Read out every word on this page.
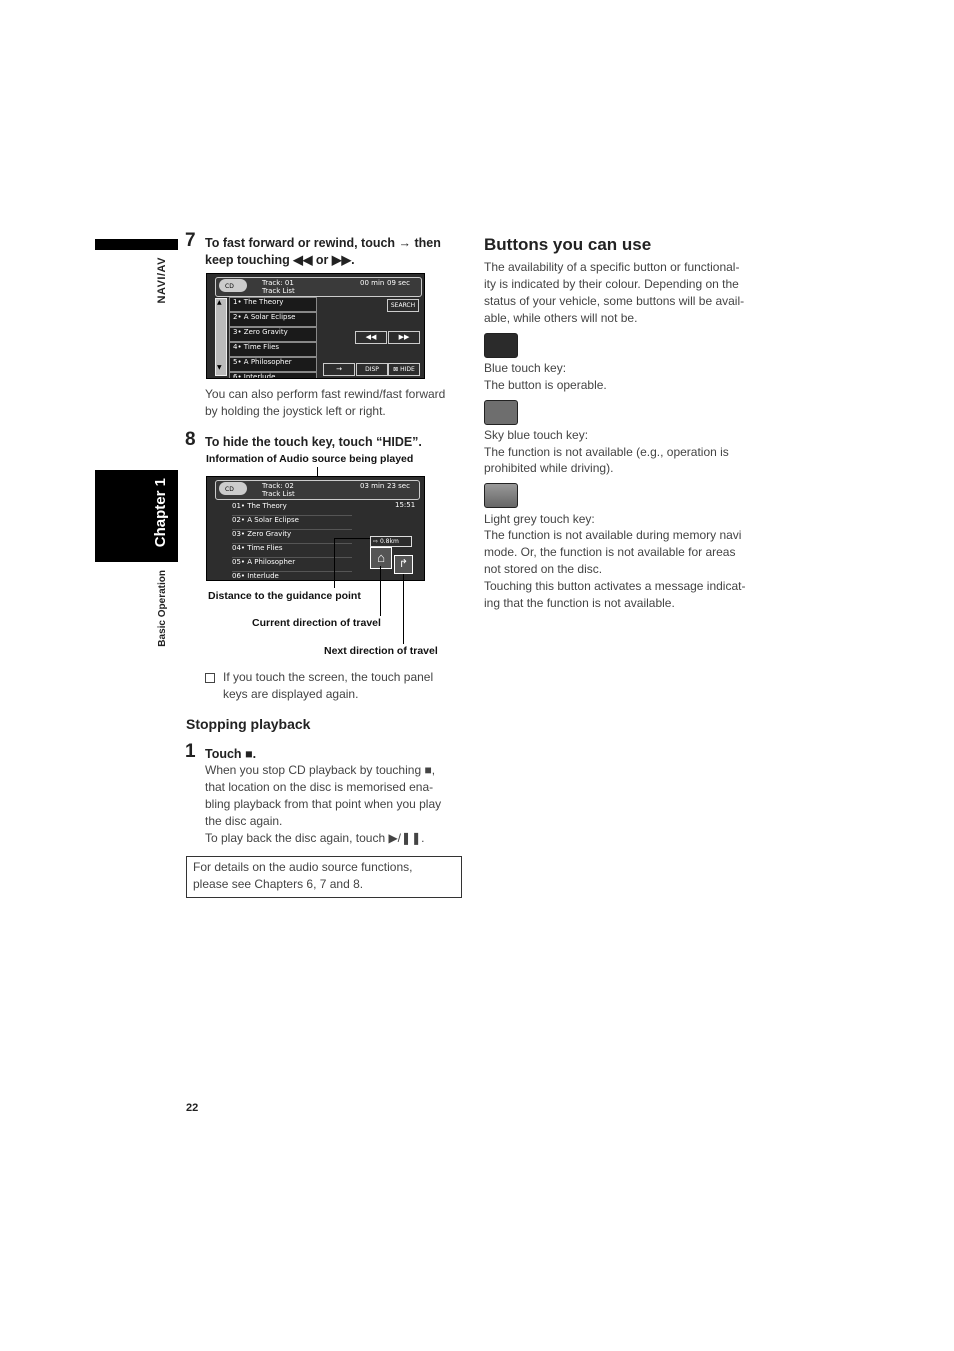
NAVI/AV
Chapter 1
Basic Operation
7 To fast forward or rewind, touch → then
keep touching ◀◀ or ▶▶.
CD	Track: 01
Track List
00 min 09 sec
▲
▼
1• The Theory
2• A Solar Eclipse
3• Zero Gravity
4• Time Flies
5• A Philosopher
6• Interlude
SEARCH
◀◀	▶▶
→	DISP	⊠ HIDE
You can also perform fast rewind/fast forward
by holding the joystick left or right.
8 To hide the touch key, touch “HIDE”.
Information of Audio source being played
CD	Track: 02
Track List
03 min 23 sec
15:51
01• The Theory
02• A Solar Eclipse
03• Zero Gravity
04• Time Flies
05• A Philosopher
06• Interlude
⇨ 0.8km
⌂	↱
Distance to the guidance point
Current direction of travel
Next direction of travel
If you touch the screen, the touch panel
keys are displayed again.
Stopping playback
1 Touch ■.
When you stop CD playback by touching ■,
that location on the disc is memorised ena-
bling playback from that point when you play
the disc again.
To play back the disc again, touch ▶/❚❚.
For details on the audio source functions,
please see Chapters 6, 7 and 8.
Buttons you can use
The availability of a specific button or functional-
ity is indicated by their colour. Depending on the
status of your vehicle, some buttons will be avail-
able, while others will not be.
Blue touch key:
The button is operable.
Sky blue touch key:
The function is not available (e.g., operation is
prohibited while driving).
Light grey touch key:
The function is not available during memory navi
mode. Or, the function is not available for areas
not stored on the disc.
Touching this button activates a message indicat-
ing that the function is not available.
22
